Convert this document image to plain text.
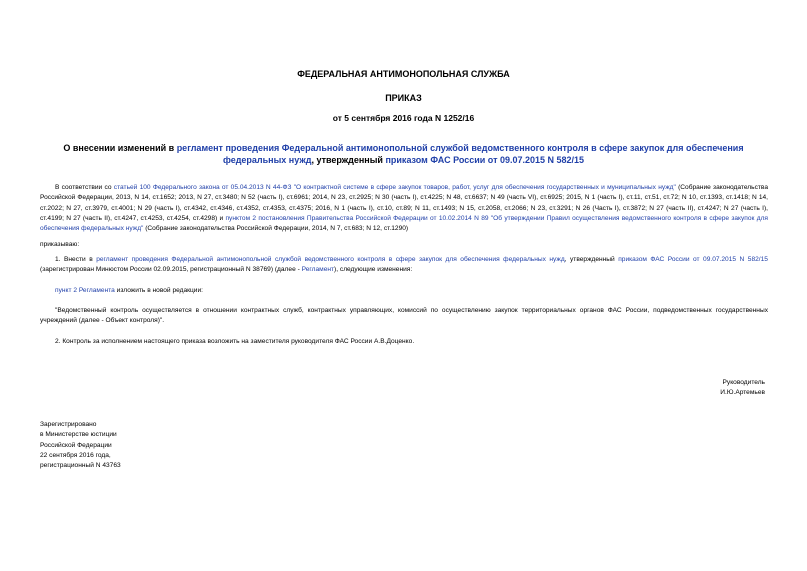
ФЕДЕРАЛЬНАЯ АНТИМОНОПОЛЬНАЯ СЛУЖБА
ПРИКАЗ
от 5 сентября 2016 года N 1252/16
О внесении изменений в регламент проведения Федеральной антимонопольной службой ведомственного контроля в сфере закупок для обеспечения федеральных нужд, утвержденный приказом ФАС России от 09.07.2015 N 582/15
В соответствии со статьей 100 Федерального закона от 05.04.2013 N 44-ФЗ "О контрактной системе в сфере закупок товаров, работ, услуг для обеспечения государственных и муниципальных нужд" (Собрание законодательства Российской Федерации, 2013, N 14, ст.1652; 2013, N 27, ст.3480; N 52 (часть I), ст.6961; 2014, N 23, ст.2925; N 30 (часть I), ст.4225; N 48, ст.6637; N 49 (часть VI), ст.6925; 2015, N 1 (часть I), ст.11, ст.51, ст.72; N 10, ст.1393, ст.1418; N 14, ст.2022; N 27, ст.3979, ст.4001; N 29 (часть I), ст.4342, ст.4346, ст.4352, ст.4353, ст.4375; 2016, N 1 (часть I), ст.10, ст.89; N 11, ст.1493; N 15, ст.2058, ст.2066; N 23, ст.3291; N 26 (Часть I), ст.3872; N 27 (часть II), ст.4247; N 27 (часть I), ст.4199; N 27 (часть II), ст.4247, ст.4253, ст.4254, ст.4298) и пунктом 2 постановления Правительства Российской Федерации от 10.02.2014 N 89 "Об утверждении Правил осуществления ведомственного контроля в сфере закупок для обеспечения федеральных нужд" (Собрание законодательства Российской Федерации, 2014, N 7, ст.683; N 12, ст.1290)
приказываю:
1. Внести в регламент проведения Федеральной антимонопольной службой ведомственного контроля в сфере закупок для обеспечения федеральных нужд, утвержденный приказом ФАС России от 09.07.2015 N 582/15 (зарегистрирован Минюстом России 02.09.2015, регистрационный N 38769) (далее - Регламент), следующие изменения:
пункт 2 Регламента изложить в новой редакции:
"Ведомственный контроль осуществляется в отношении контрактных служб, контрактных управляющих, комиссий по осуществлению закупок территориальных органов ФАС России, подведомственных государственных учреждений (далее - Объект контроля)".
2. Контроль за исполнением настоящего приказа возложить на заместителя руководителя ФАС России А.В.Доценко.
Руководитель
И.Ю.Артемьев
Зарегистрировано
в Министерстве юстиции
Российской Федерации
22 сентября 2016 года,
регистрационный N 43763
